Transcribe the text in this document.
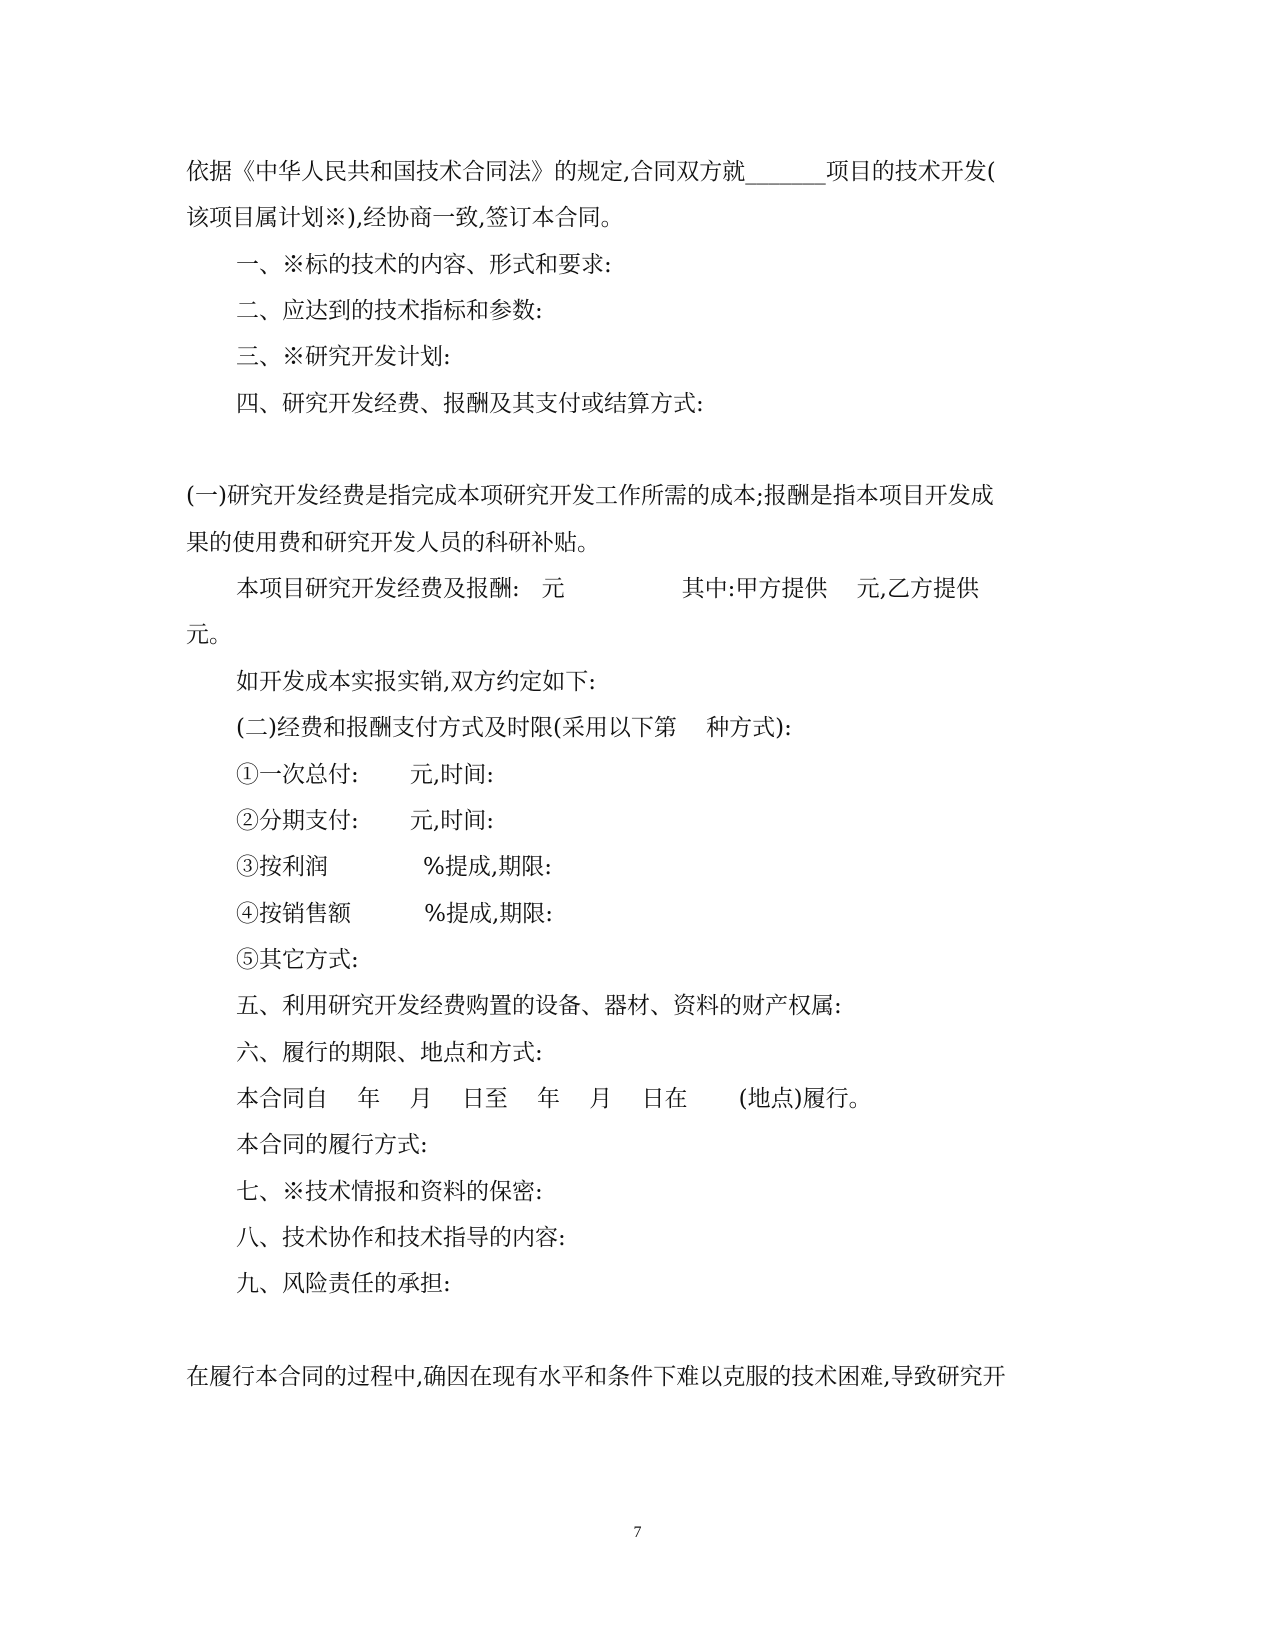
依据《中华人民共和国技术合同法》的规定,合同双方就_______项目的技术开发(
该项目属计划※),经协商一致,签订本合同。
一、※标的技术的内容、形式和要求:
二、应达到的技术指标和参数:
三、※研究开发计划:
四、研究开发经费、报酬及其支付或结算方式:
(一)研究开发经费是指完成本项研究开发工作所需的成本;报酬是指本项目开发成
果的使用费和研究开发人员的科研补贴。
本项目研究开发经费及报酬:   元                其中:甲方提供    元,乙方提供
元。
如开发成本实报实销,双方约定如下:
(二)经费和报酬支付方式及时限(采用以下第    种方式):
①一次总付:       元,时间:
②分期支付:       元,时间:
③按利润             %提成,期限:
④按销售额          %提成,期限:
⑤其它方式:
五、利用研究开发经费购置的设备、器材、资料的财产权属:
六、履行的期限、地点和方式:
本合同自    年    月    日至    年    月    日在       (地点)履行。
本合同的履行方式:
七、※技术情报和资料的保密:
八、技术协作和技术指导的内容:
九、风险责任的承担:
在履行本合同的过程中,确因在现有水平和条件下难以克服的技术困难,导致研究开
7
